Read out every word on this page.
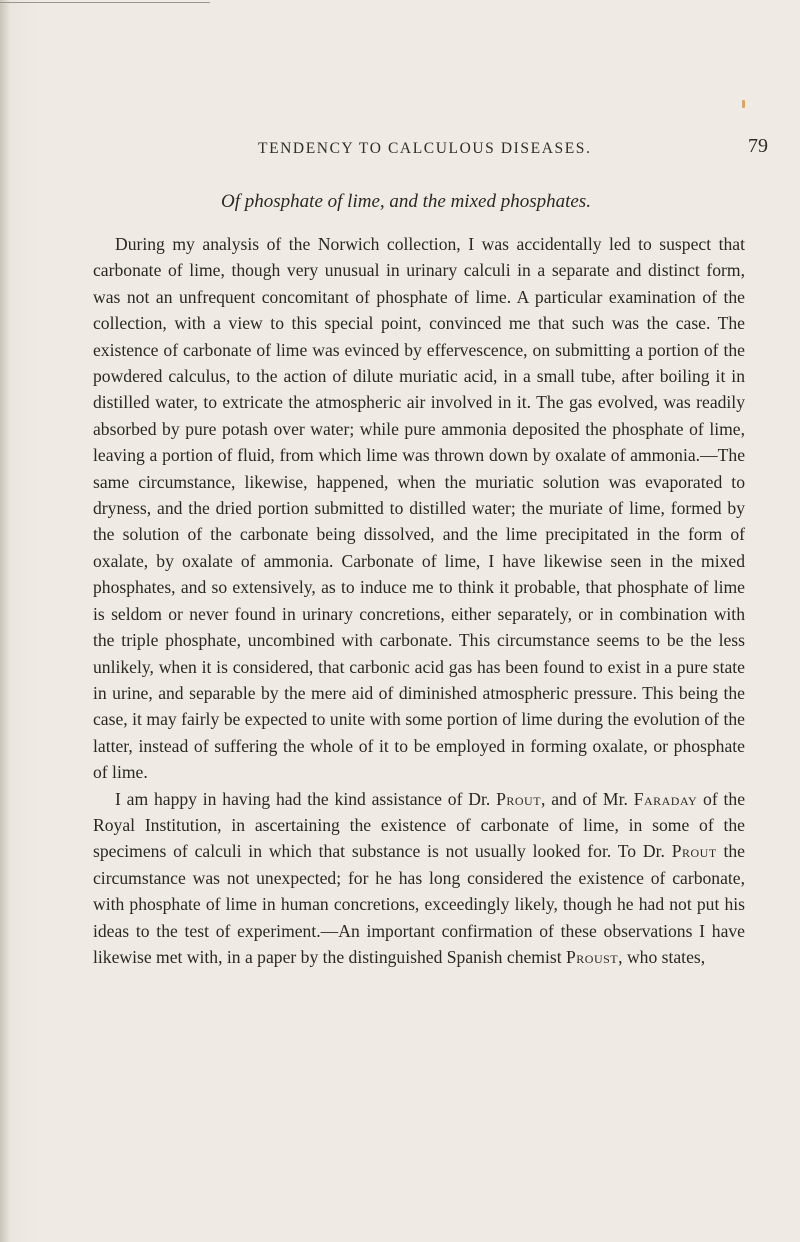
TENDENCY TO CALCULOUS DISEASES.	79
Of phosphate of lime, and the mixed phosphates.

During my analysis of the Norwich collection, I was accidentally led to suspect that carbonate of lime, though very unusual in urinary calculi in a separate and distinct form, was not an unfrequent concomitant of phosphate of lime. A particular examination of the collection, with a view to this special point, convinced me that such was the case. The existence of carbonate of lime was evinced by effervescence, on submitting a portion of the powdered calculus, to the action of dilute muriatic acid, in a small tube, after boiling it in distilled water, to extricate the atmospheric air involved in it. The gas evolved, was readily absorbed by pure potash over water; while pure ammonia deposited the phosphate of lime, leaving a portion of fluid, from which lime was thrown down by oxalate of ammonia.—The same circumstance, likewise, happened, when the muriatic solution was evaporated to dryness, and the dried portion submitted to distilled water; the muriate of lime, formed by the solution of the carbonate being dissolved, and the lime precipitated in the form of oxalate, by oxalate of ammonia. Carbonate of lime, I have likewise seen in the mixed phosphates, and so extensively, as to induce me to think it probable, that phosphate of lime is seldom or never found in urinary concretions, either separately, or in combination with the triple phosphate, uncombined with carbonate. This circumstance seems to be the less unlikely, when it is considered, that carbonic acid gas has been found to exist in a pure state in urine, and separable by the mere aid of diminished atmospheric pressure. This being the case, it may fairly be expected to unite with some portion of lime during the evolution of the latter, instead of suffering the whole of it to be employed in forming oxalate, or phosphate of lime.

I am happy in having had the kind assistance of Dr. Prout, and of Mr. Faraday of the Royal Institution, in ascertaining the existence of carbonate of lime, in some of the specimens of calculi in which that substance is not usually looked for. To Dr. Prout the circumstance was not unexpected; for he has long considered the existence of carbonate, with phosphate of lime in human concretions, exceedingly likely, though he had not put his ideas to the test of experiment.—An important confirmation of these observations I have likewise met with, in a paper by the distinguished Spanish chemist Proust, who states,
